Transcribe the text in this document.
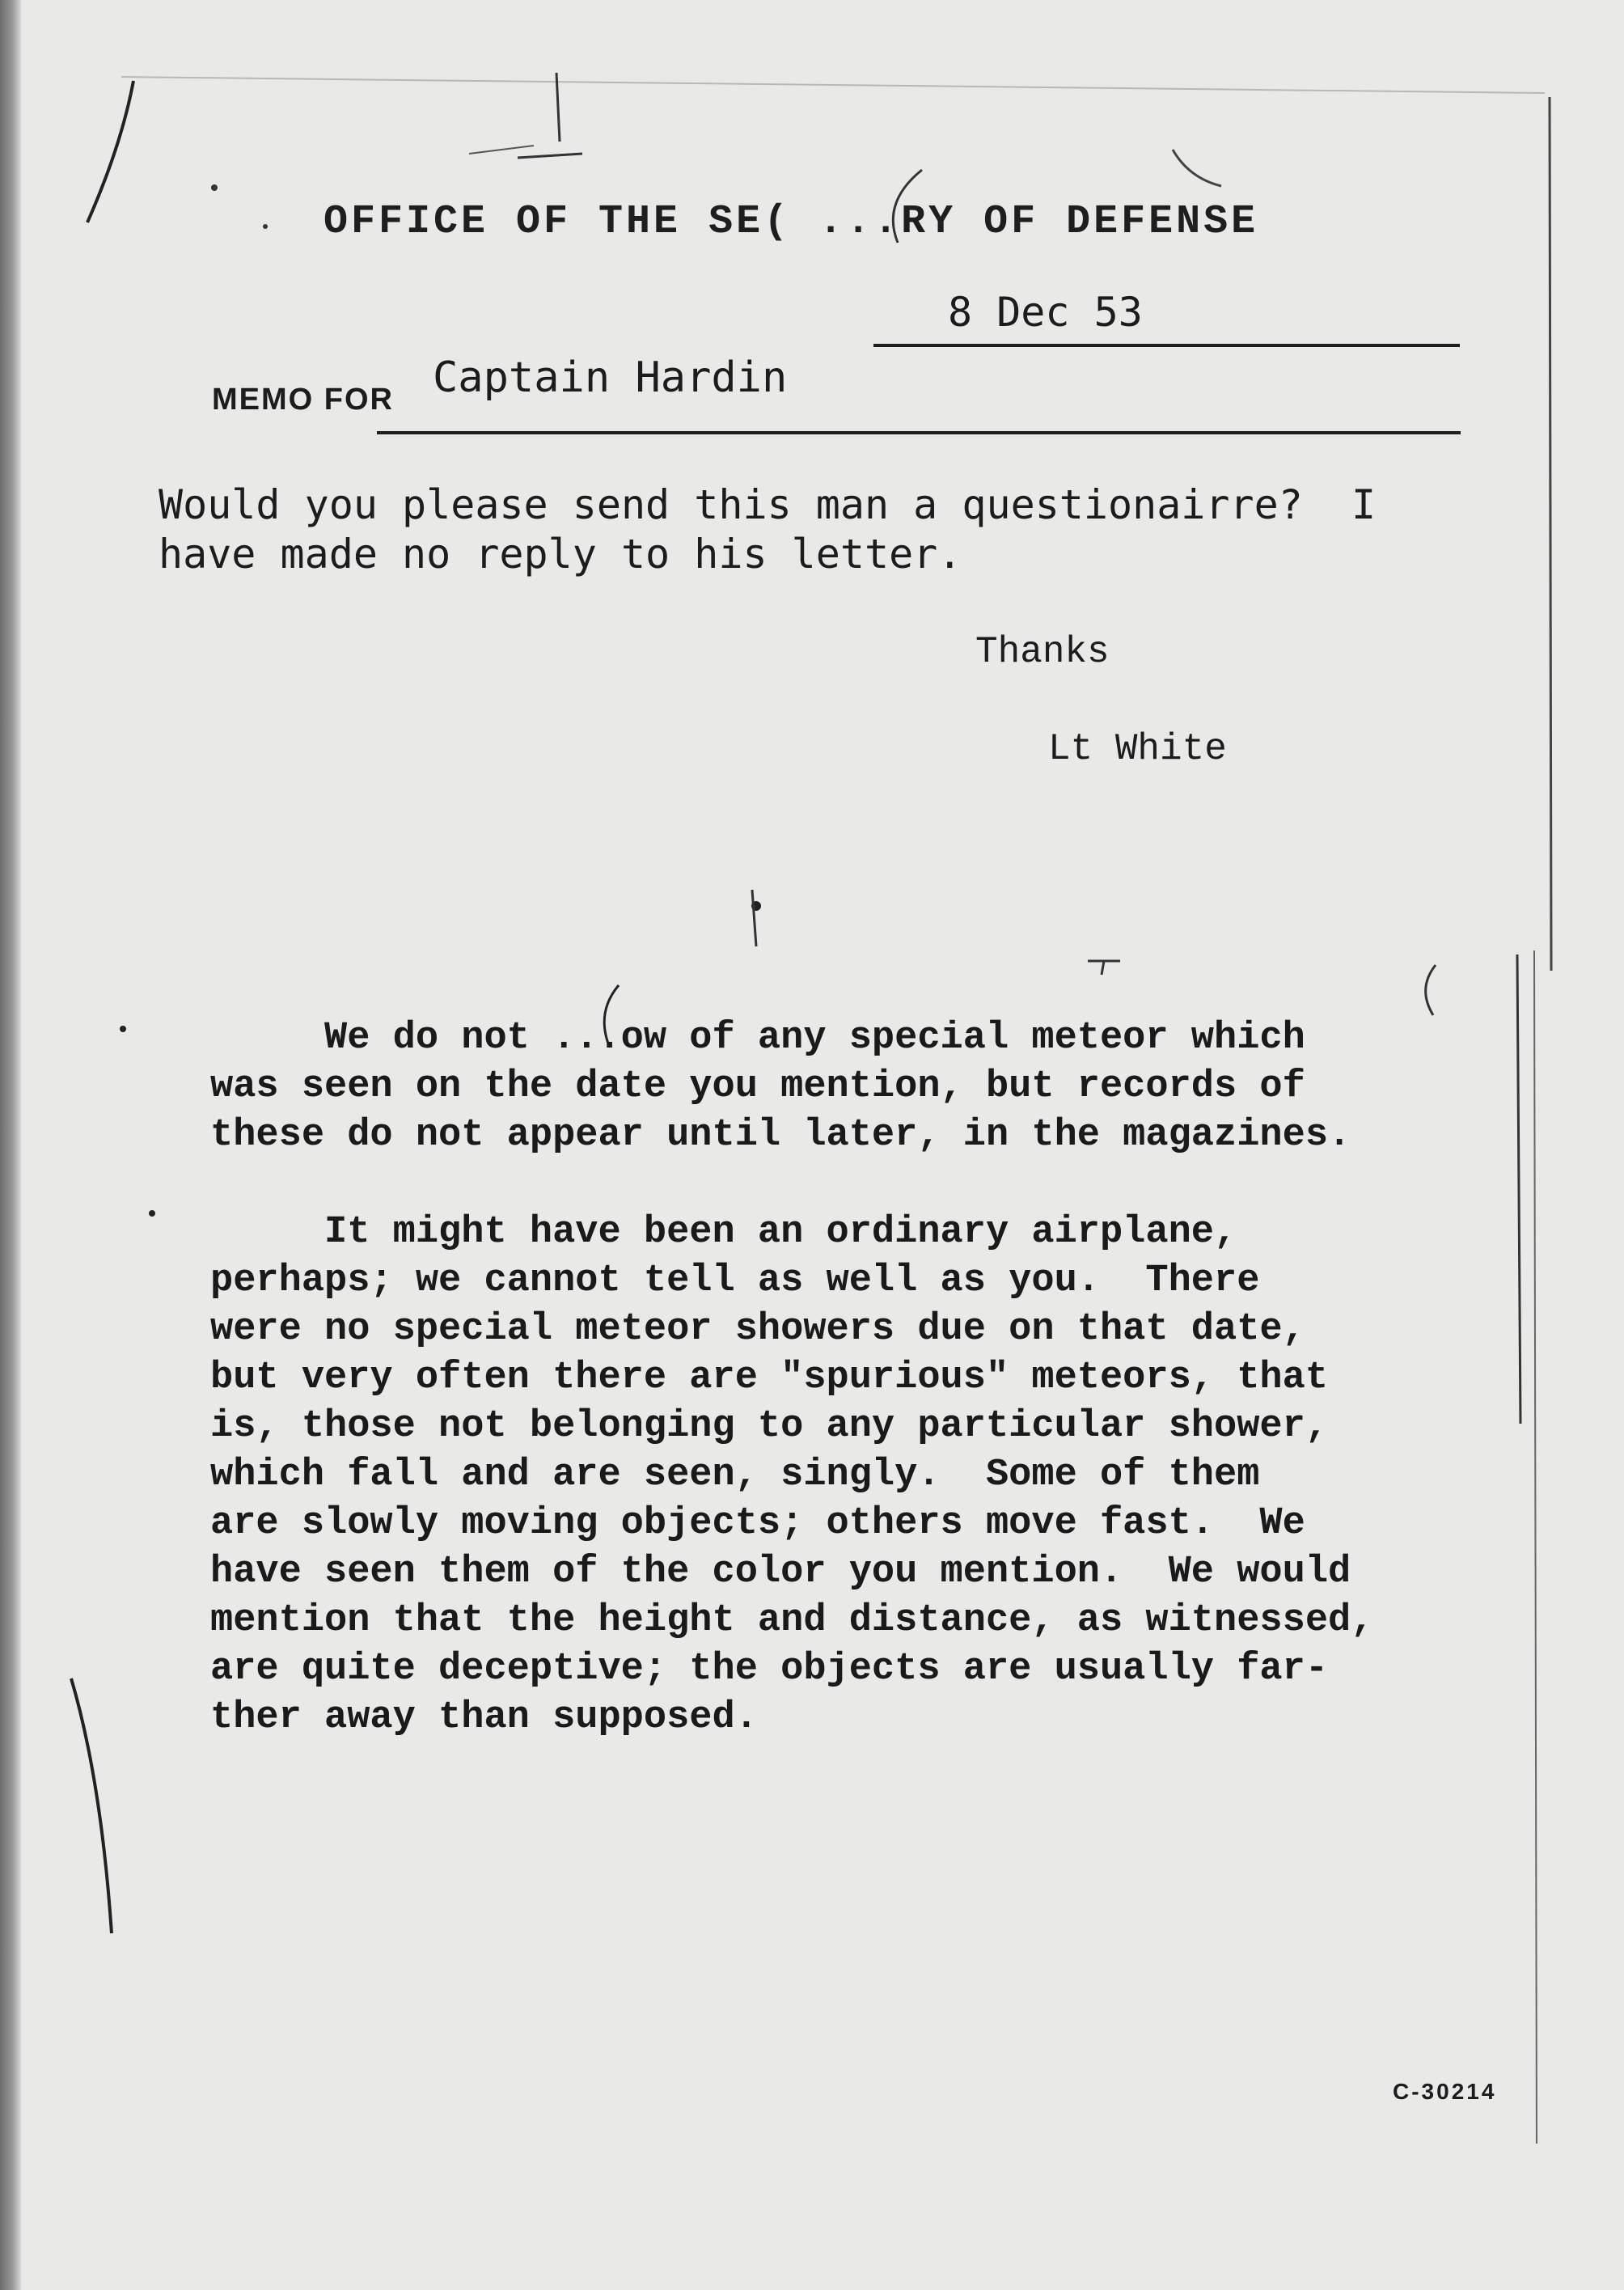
OFFICE OF THE SE( ...RY OF DEFENSE
8 Dec 53
MEMO FOR Captain Hardin
Would you please send this man a questionairre?  I
have made no reply to his letter.
Thanks
Lt White
We do not ...ow of any special meteor which
was seen on the date you mention, but records of
these do not appear until later, in the magazines.
It might have been an ordinary airplane,
perhaps; we cannot tell as well as you.  There
were no special meteor showers due on that date,
but very often there are "spurious" meteors, that
is, those not belonging to any particular shower,
which fall and are seen, singly.  Some of them
are slowly moving objects; others move fast.  We
have seen them of the color you mention.  We would
mention that the height and distance, as witnessed,
are quite deceptive; the objects are usually far-
ther away than supposed.
C-30214
